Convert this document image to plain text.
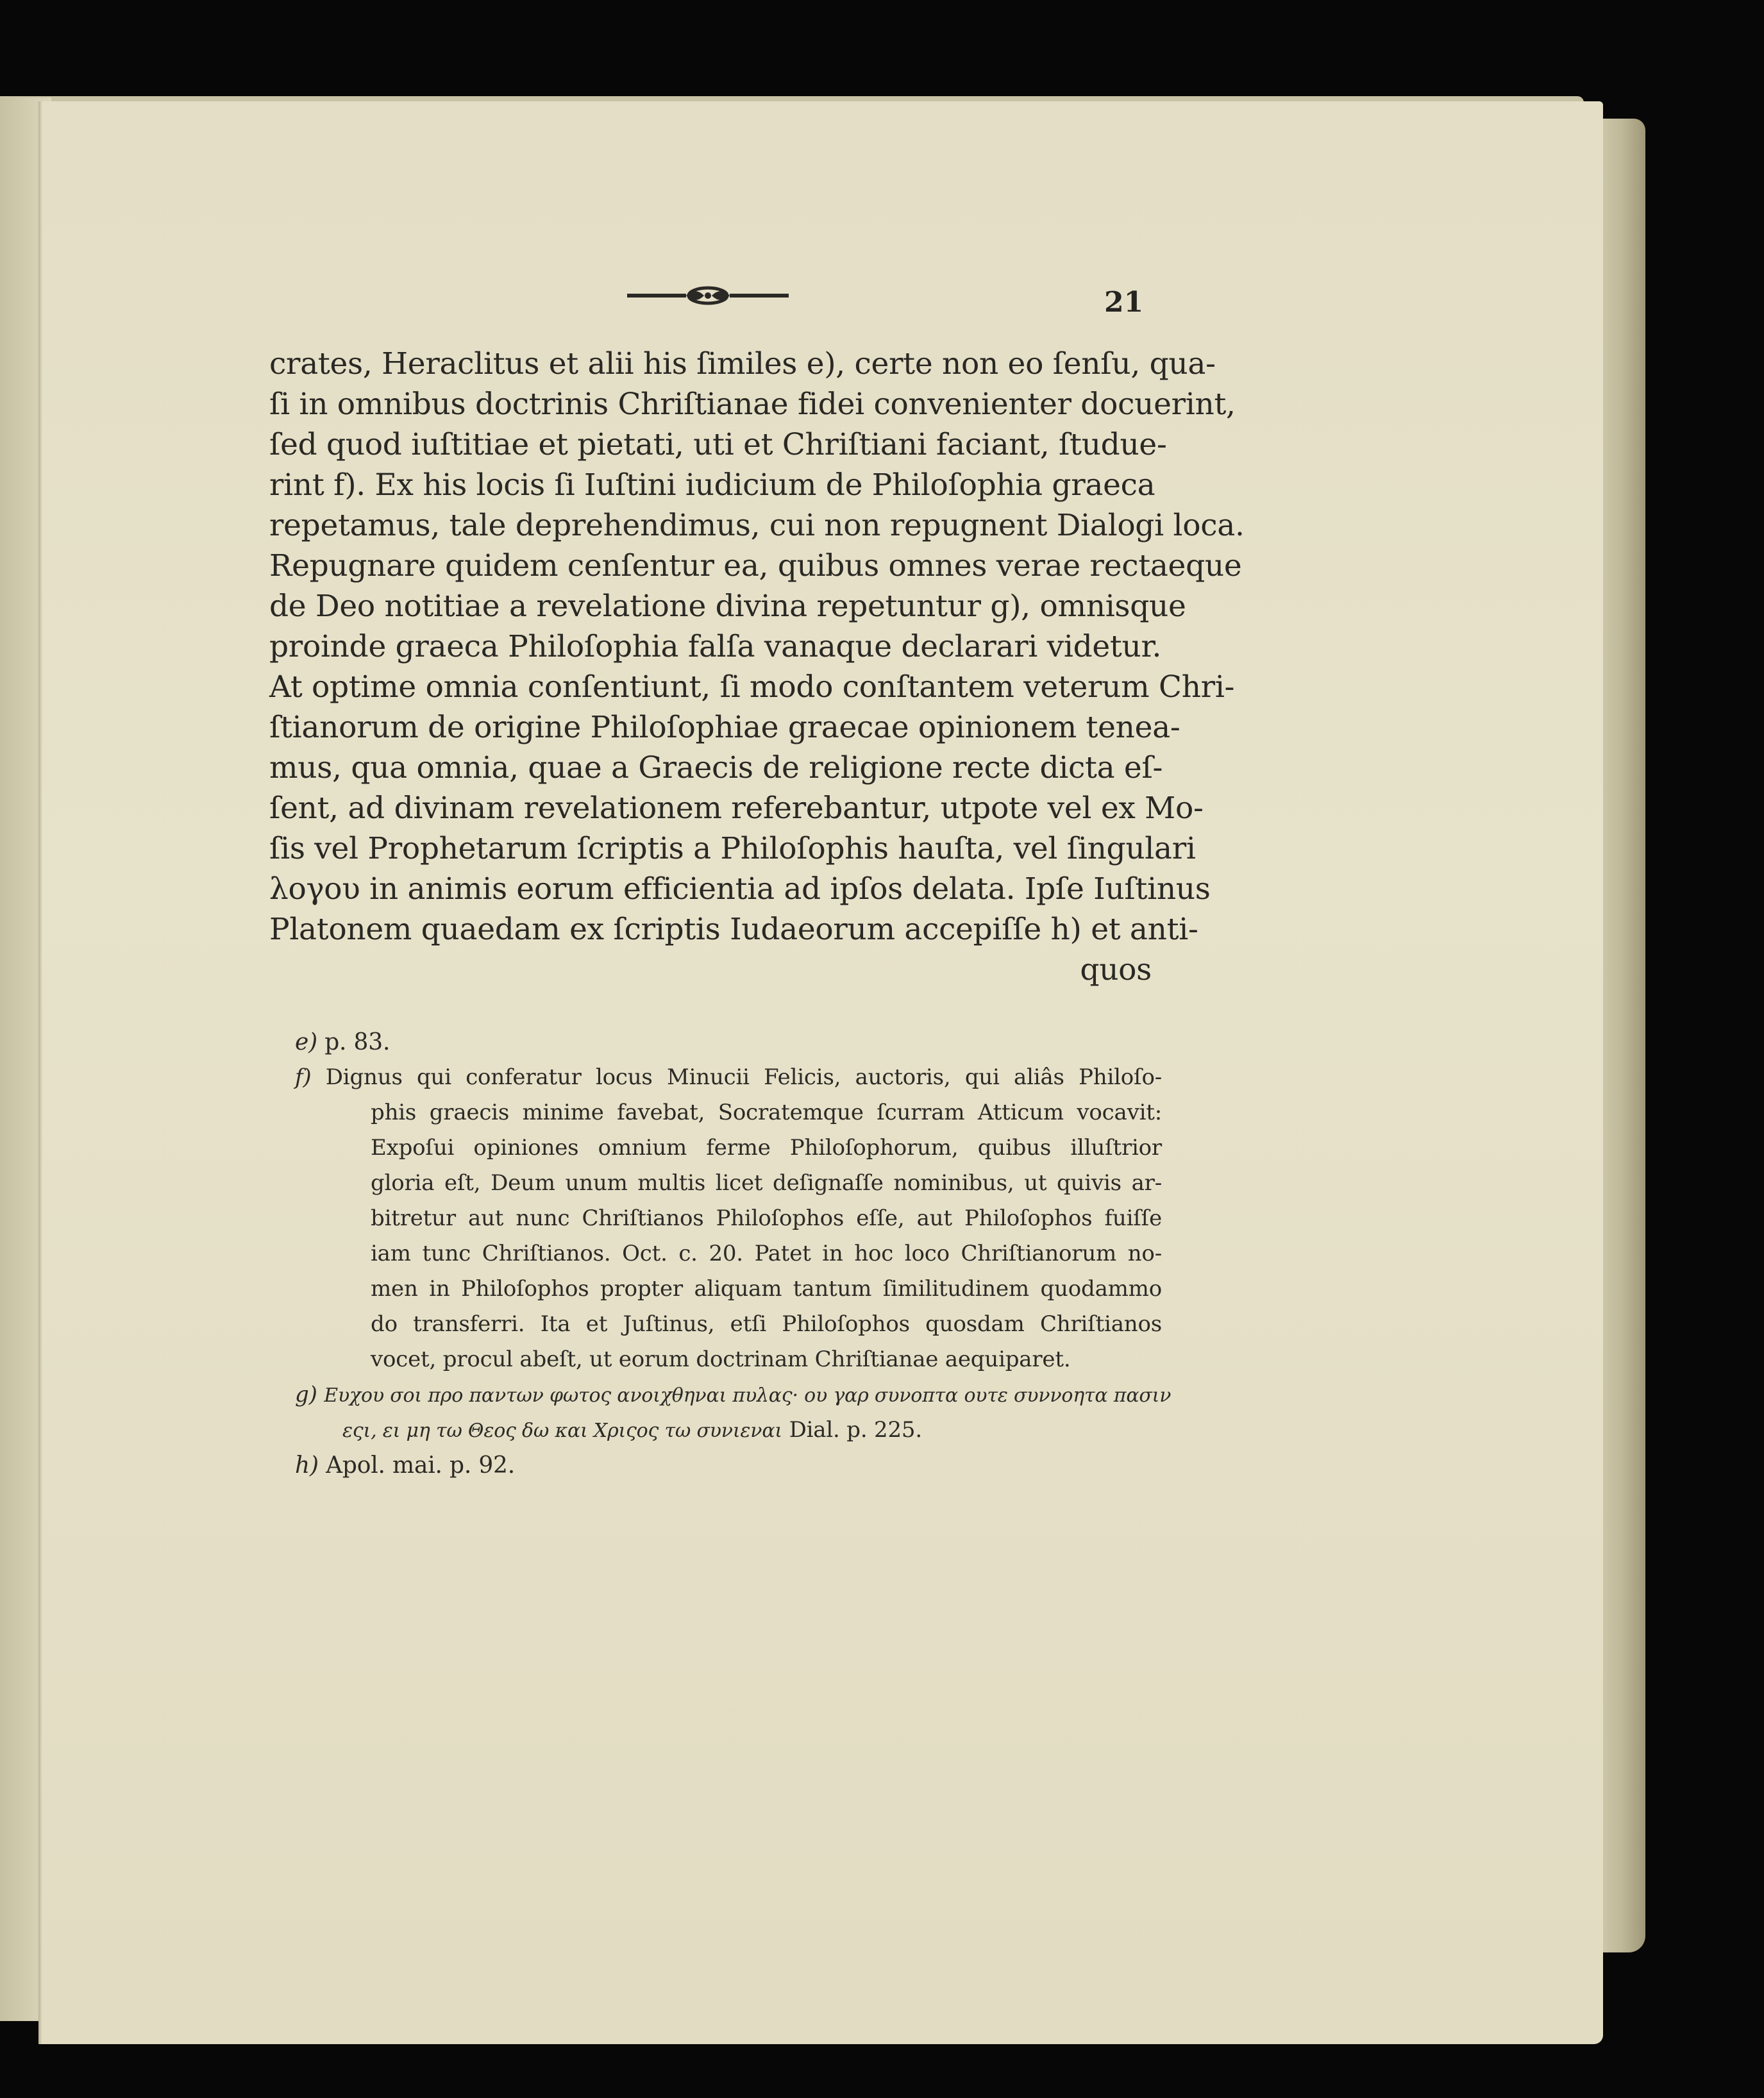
21

crates, Heraclitus et alii his ſimiles e), certe non eo ſenſu, qua-
ſi in omnibus doctrinis Chriſtianae fidei convenienter docuerint,
ſed quod iuſtitiae et pietati, uti et Chriſtiani faciant, ſtudue-
rint f). Ex his locis ſi Iuſtini iudicium de Philoſophia graeca
repetamus, tale deprehendimus, cui non repugnent Dialogi loca.
Repugnare quidem cenſentur ea, quibus omnes verae rectaeque
de Deo notitiae a revelatione divina repetuntur g), omnisque
proinde graeca Philoſophia falſa vanaque declarari videtur.
At optime omnia conſentiunt, ſi modo conſtantem veterum Chri-
ſtianorum de origine Philoſophiae graecae opinionem tenea-
mus, qua omnia, quae a Graecis de religione recte dicta eſ-
ſent, ad divinam revelationem referebantur, utpote vel ex Mo-
ſis vel Prophetarum ſcriptis a Philoſophis hauſta, vel ſingulari
λογου in animis eorum efficientia ad ipſos delata. Ipſe Iuſtinus
Platonem quaedam ex ſcriptis Iudaeorum accepiſſe h) et anti-
quos
e) p. 83.
f) Dignus qui conferatur locus Minucii Felicis, auctoris, qui aliâs Philoſo-
phis graecis minime favebat, Socratemque ſcurram Atticum vocavit:
Expoſui opiniones omnium ferme Philoſophorum, quibus illuſtrior
gloria eſt, Deum unum multis licet deſignaſſe nominibus, ut quivis ar-
bitretur aut nunc Chriſtianos Philoſophos eſſe, aut Philoſophos fuiſſe
iam tunc Chriſtianos. Oct. c. 20. Patet in hoc loco Chriſtianorum no-
men in Philoſophos propter aliquam tantum ſimilitudinem quodammo
do transferri. Ita et Juſtinus, etſi Philoſophos quosdam Chriſtianos
vocet, procul abeſt, ut eorum doctrinam Chriſtianae aequiparet.
g) Ευχου σοι προ παντων φωτος ανοιχθηναι πυλας· ου γαρ συνοπτα ουτε συννοητα πασιν
εςι, ει μη τω Θεος δω και Χριςος τω συνιεναι Dial. p. 225.
h) Apol. mai. p. 92.
